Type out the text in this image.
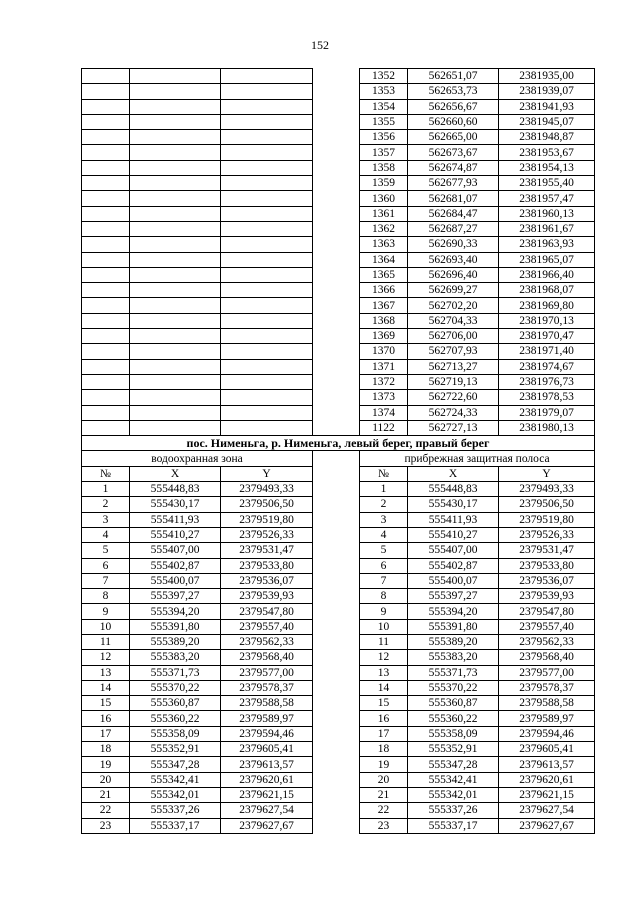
152
				1352	562651,07	2381935,00
				1353	562653,73	2381939,07
				1354	562656,67	2381941,93
				1355	562660,60	2381945,07
				1356	562665,00	2381948,87
				1357	562673,67	2381953,67
				1358	562674,87	2381954,13
				1359	562677,93	2381955,40
				1360	562681,07	2381957,47
				1361	562684,47	2381960,13
				1362	562687,27	2381961,67
				1363	562690,33	2381963,93
				1364	562693,40	2381965,07
				1365	562696,40	2381966,40
				1366	562699,27	2381968,07
				1367	562702,20	2381969,80
				1368	562704,33	2381970,13
				1369	562706,00	2381970,47
				1370	562707,93	2381971,40
				1371	562713,27	2381974,67
				1372	562719,13	2381976,73
				1373	562722,60	2381978,53
				1374	562724,33	2381979,07
				1122	562727,13	2381980,13
пос. Нименьга, р. Нименьга, левый берег, правый берег						
водоохранная зона				прибрежная защитная полоса		
№	X	Y		№	X	Y
1	555448,83	2379493,33		1	555448,83	2379493,33
2	555430,17	2379506,50		2	555430,17	2379506,50
3	555411,93	2379519,80		3	555411,93	2379519,80
4	555410,27	2379526,33		4	555410,27	2379526,33
5	555407,00	2379531,47		5	555407,00	2379531,47
6	555402,87	2379533,80		6	555402,87	2379533,80
7	555400,07	2379536,07		7	555400,07	2379536,07
8	555397,27	2379539,93		8	555397,27	2379539,93
9	555394,20	2379547,80		9	555394,20	2379547,80
10	555391,80	2379557,40		10	555391,80	2379557,40
11	555389,20	2379562,33		11	555389,20	2379562,33
12	555383,20	2379568,40		12	555383,20	2379568,40
13	555371,73	2379577,00		13	555371,73	2379577,00
14	555370,22	2379578,37		14	555370,22	2379578,37
15	555360,87	2379588,58		15	555360,87	2379588,58
16	555360,22	2379589,97		16	555360,22	2379589,97
17	555358,09	2379594,46		17	555358,09	2379594,46
18	555352,91	2379605,41		18	555352,91	2379605,41
19	555347,28	2379613,57		19	555347,28	2379613,57
20	555342,41	2379620,61		20	555342,41	2379620,61
21	555342,01	2379621,15		21	555342,01	2379621,15
22	555337,26	2379627,54		22	555337,26	2379627,54
23	555337,17	2379627,67		23	555337,17	2379627,67
